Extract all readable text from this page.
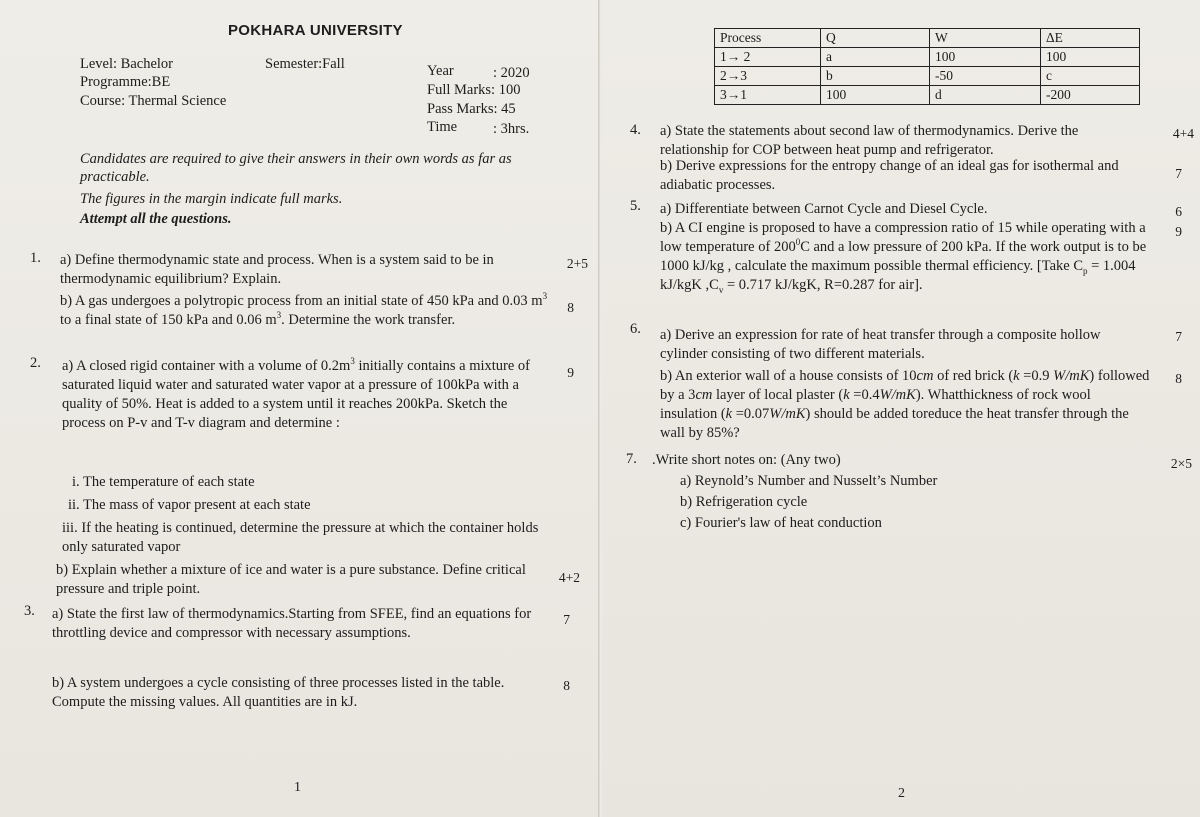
POKHARA UNIVERSITY
Level: Bachelor
Programme:BE
Course: Thermal Science
Semester:Fall	Year	: 2020
Full Marks: 100
Pass Marks: 45
Time : 3hrs.
Candidates are required to give their answers in their own words as far as practicable.
The figures in the margin indicate full marks.
Attempt all the questions.
1. a) Define thermodynamic state and process. When is a system said to be in thermodynamic equilibrium? Explain.
2+5
b) A gas undergoes a polytropic process from an initial state of 450 kPa and 0.03 $m^3$ to a final state of 150 kPa and 0.06 $m^3$. Determine the work transfer.
8
2. a) A closed rigid container with a volume of $0.2m^3$ initially contains a mixture of saturated liquid water and saturated water vapor at a pressure of 100kPa with a quality of 50%. Heat is added to a system until it reaches 200kPa. Sketch the process on P-v and T-v diagram and determine :
9
i. The temperature of each state
ii. The mass of vapor present at each state
iii. If the heating is continued, determine the pressure at which the container holds only saturated vapor
b) Explain whether a mixture of ice and water is a pure substance. Define critical pressure and triple point.
4+2
3. a) State the first law of thermodynamics.Starting from SFEE, find an equations for throttling device and compressor with necessary assumptions.
7
b) A system undergoes a cycle consisting of three processes listed in the table. Compute the missing values. All quantities are in kJ.
8
1
Process	Q	W	ΔE
1→ 2	a	100	100
2→3	b	-50	c
3→1	100	d	-200
4. a) State the statements about second law of thermodynamics. Derive the relationship for COP between heat pump and refrigerator.
4+4
b) Derive expressions for the entropy change of an ideal gas for isothermal and adiabatic processes.
7
5. a) Differentiate between Carnot Cycle and Diesel Cycle.	6
b) A CI engine is proposed to have a compression ratio of 15 while operating with a low temperature of $200^0C$ and a low pressure of 200 kPa. If the work output is to be 1000 kJ/kg , calculate the maximum possible thermal efficiency. [Take $C_p = 1.004$ kJ/kgK $,C_v = 0.717$ kJ/kgK, R=0.287 for air].
9
6. a) Derive an expression for rate of heat transfer through a composite hollow cylinder consisting of two different materials.
7
b) An exterior wall of a house consists of 10cm of red brick (k =0.9 W/mK) followed by a 3cm layer of local plaster (k =0.4W/mK). Whatthickness of rock wool insulation (k =0.07W/mK) should be added toreduce the heat transfer through the wall by 85%?
8
7. .Write short notes on: (Any two)	2×5
a) Reynold’s Number and Nusselt’s Number
b) Refrigeration cycle
c) Fourier's law of heat conduction
2
